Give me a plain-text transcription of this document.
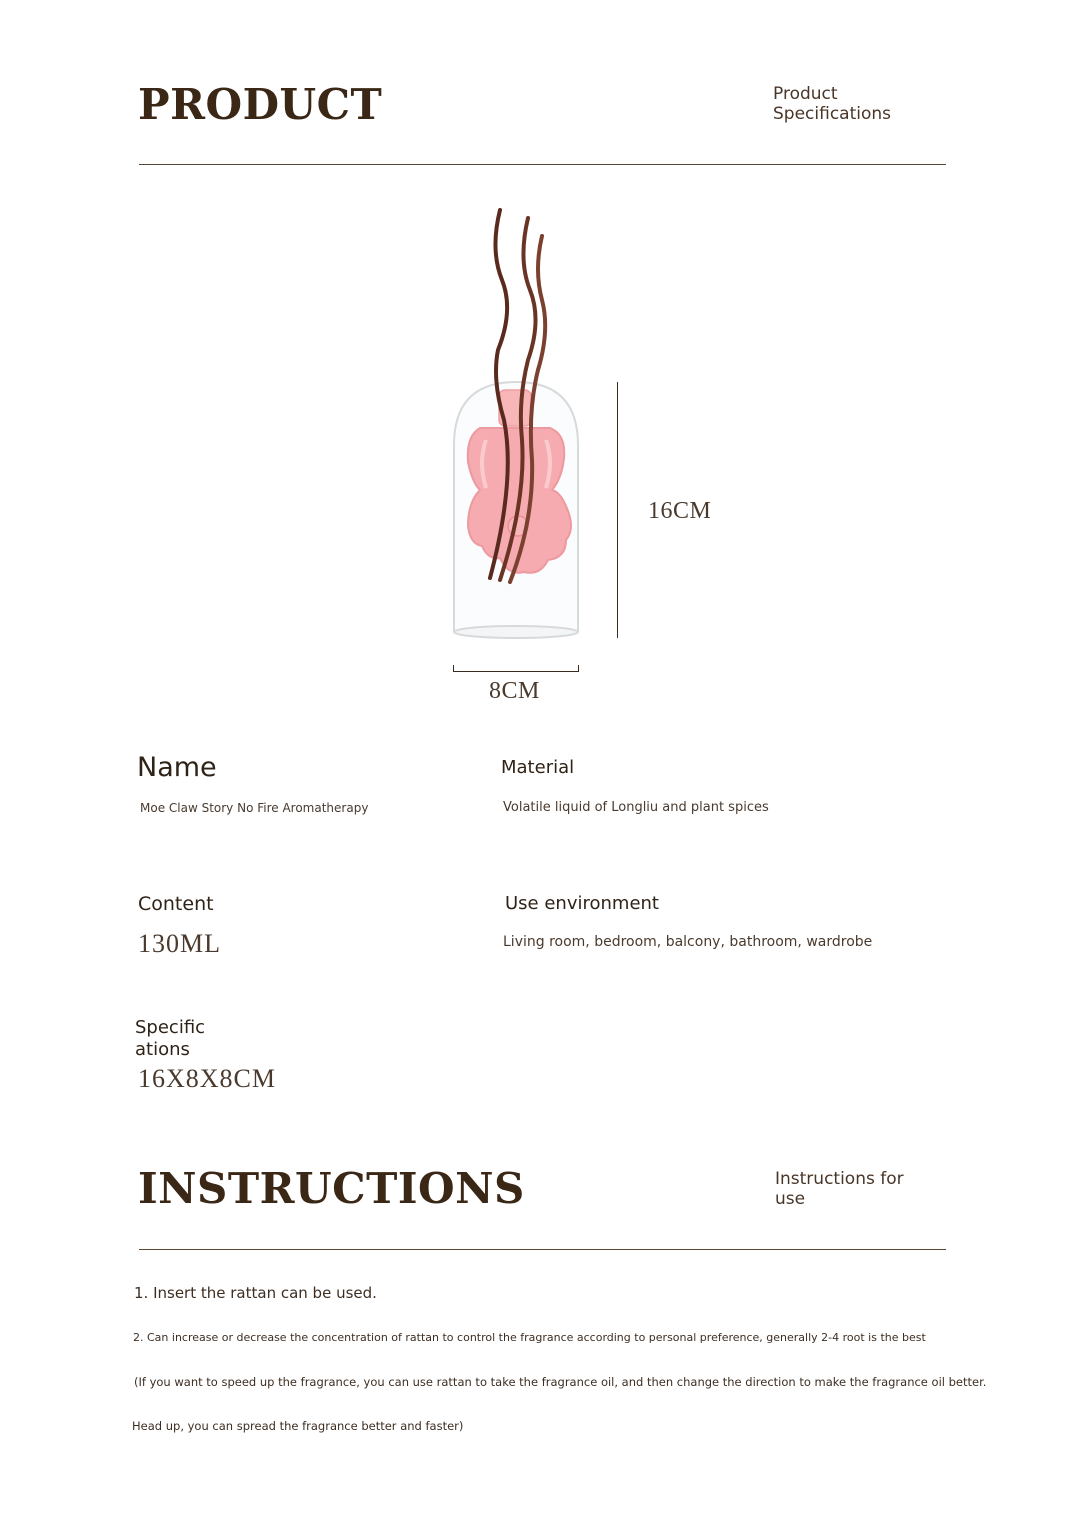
PRODUCT	Product
Specifications
16CM
8CM
Name
Moe Claw Story No Fire Aromatherapy
Material
Volatile liquid of Longliu and plant spices
Content
130ML
Use environment
Living room, bedroom, balcony, bathroom, wardrobe
Specific
ations
16X8X8CM
INSTRUCTIONS	Instructions for
use
1. Insert the rattan can be used.
2. Can increase or decrease the concentration of rattan to control the fragrance according to personal preference, generally 2-4 root is the best
(If you want to speed up the fragrance, you can use rattan to take the fragrance oil, and then change the direction to make the fragrance oil better.
Head up, you can spread the fragrance better and faster)
